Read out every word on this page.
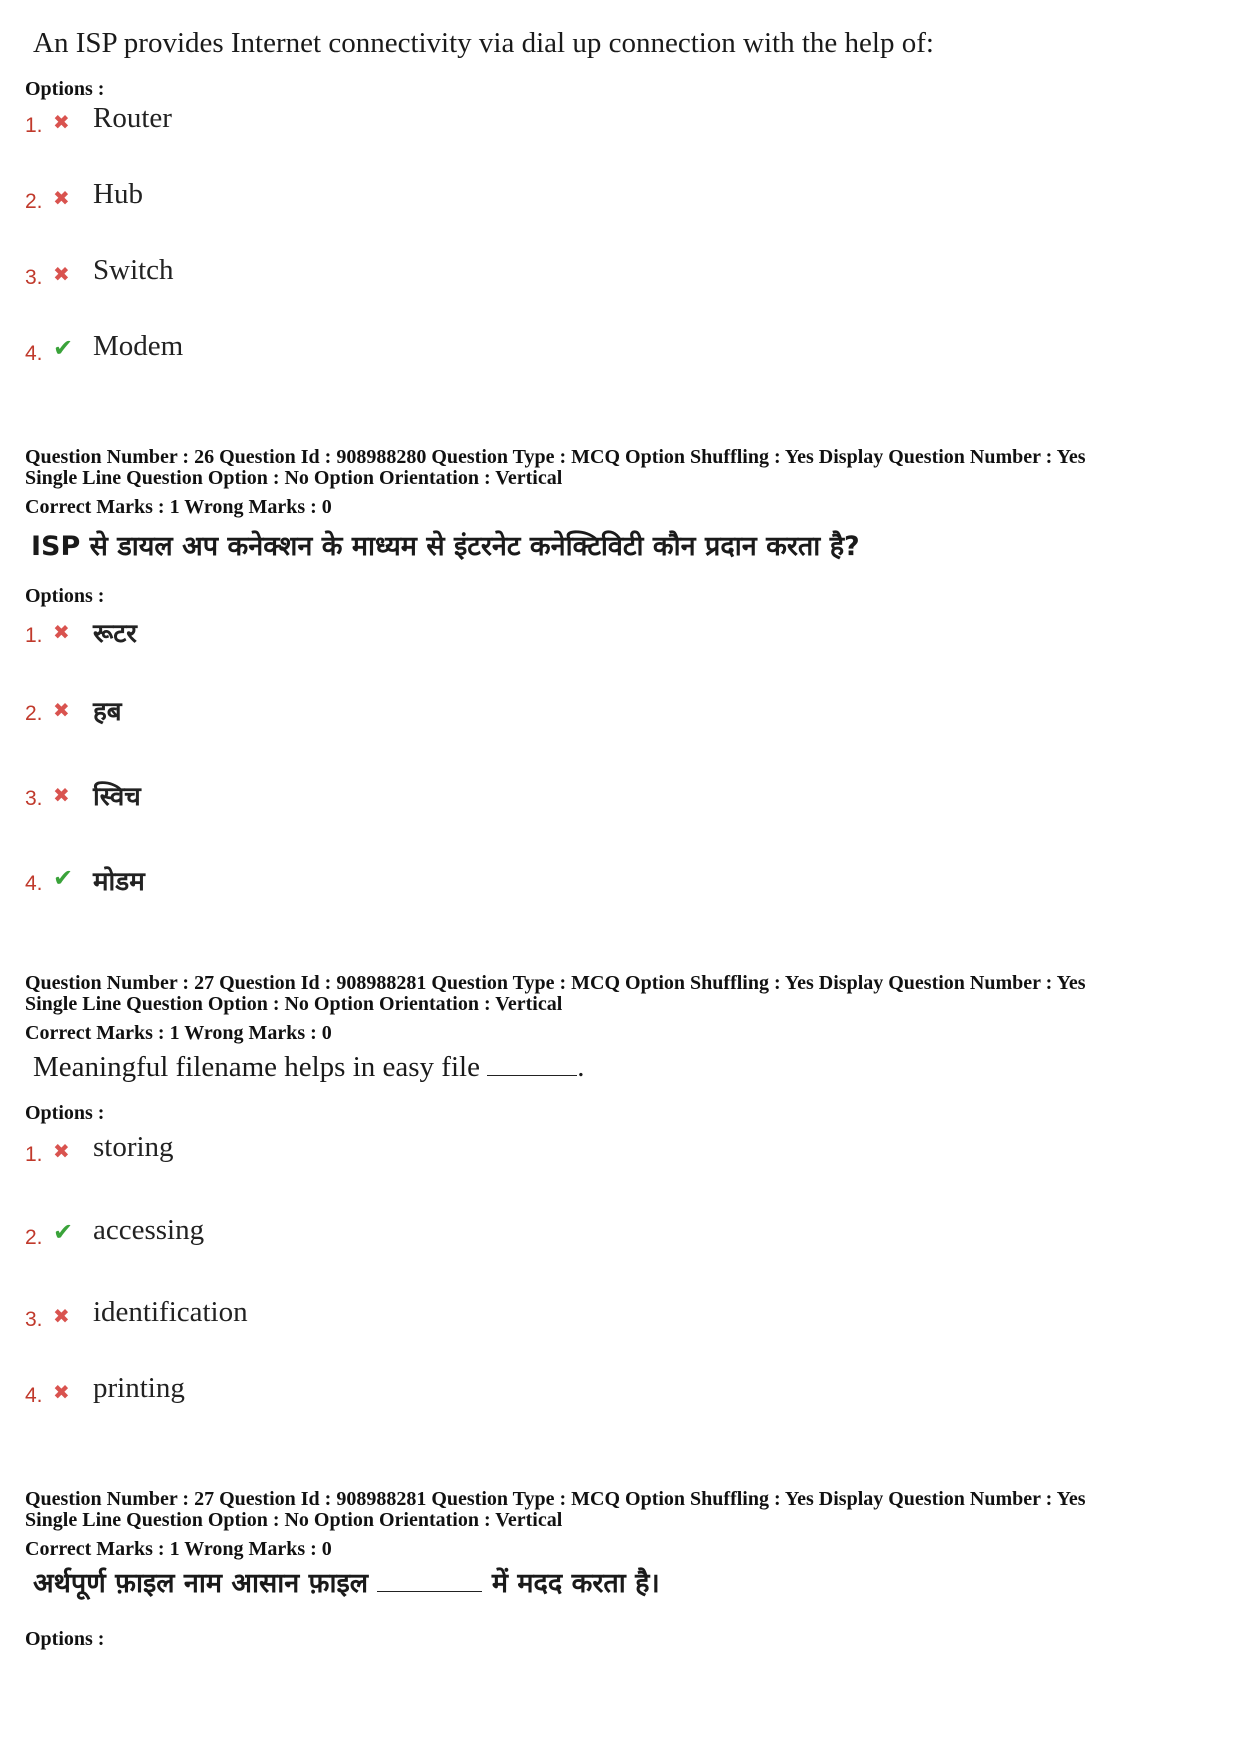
An ISP provides Internet connectivity via dial up connection with the help of:

Options :
1. ✖ Router
2. ✖ Hub
3. ✖ Switch
4. ✔ Modem

Question Number : 26 Question Id : 908988280 Question Type : MCQ Option Shuffling : Yes Display Question Number : Yes

Single Line Question Option : No Option Orientation : Vertical

Correct Marks : 1 Wrong Marks : 0

ISP से डायल अप कनेक्शन के माध्यम से इंटरनेट कनेक्टिविटी कौन प्रदान करता है?

Options :
1. ✖ रूटर
2. ✖ हब
3. ✖ स्विच
4. ✔ मोडम

Question Number : 27 Question Id : 908988281 Question Type : MCQ Option Shuffling : Yes Display Question Number : Yes

Single Line Question Option : No Option Orientation : Vertical

Correct Marks : 1 Wrong Marks : 0

Meaningful filename helps in easy file	.

Options :
1. ✖ storing
2. ✔ accessing
3. ✖ identification
4. ✖ printing

Question Number : 27 Question Id : 908988281 Question Type : MCQ Option Shuffling : Yes Display Question Number : Yes

Single Line Question Option : No Option Orientation : Vertical

Correct Marks : 1 Wrong Marks : 0

अर्थपूर्ण फ़ाइल नाम आसान फ़ाइल	में मदद करता है।

Options :
